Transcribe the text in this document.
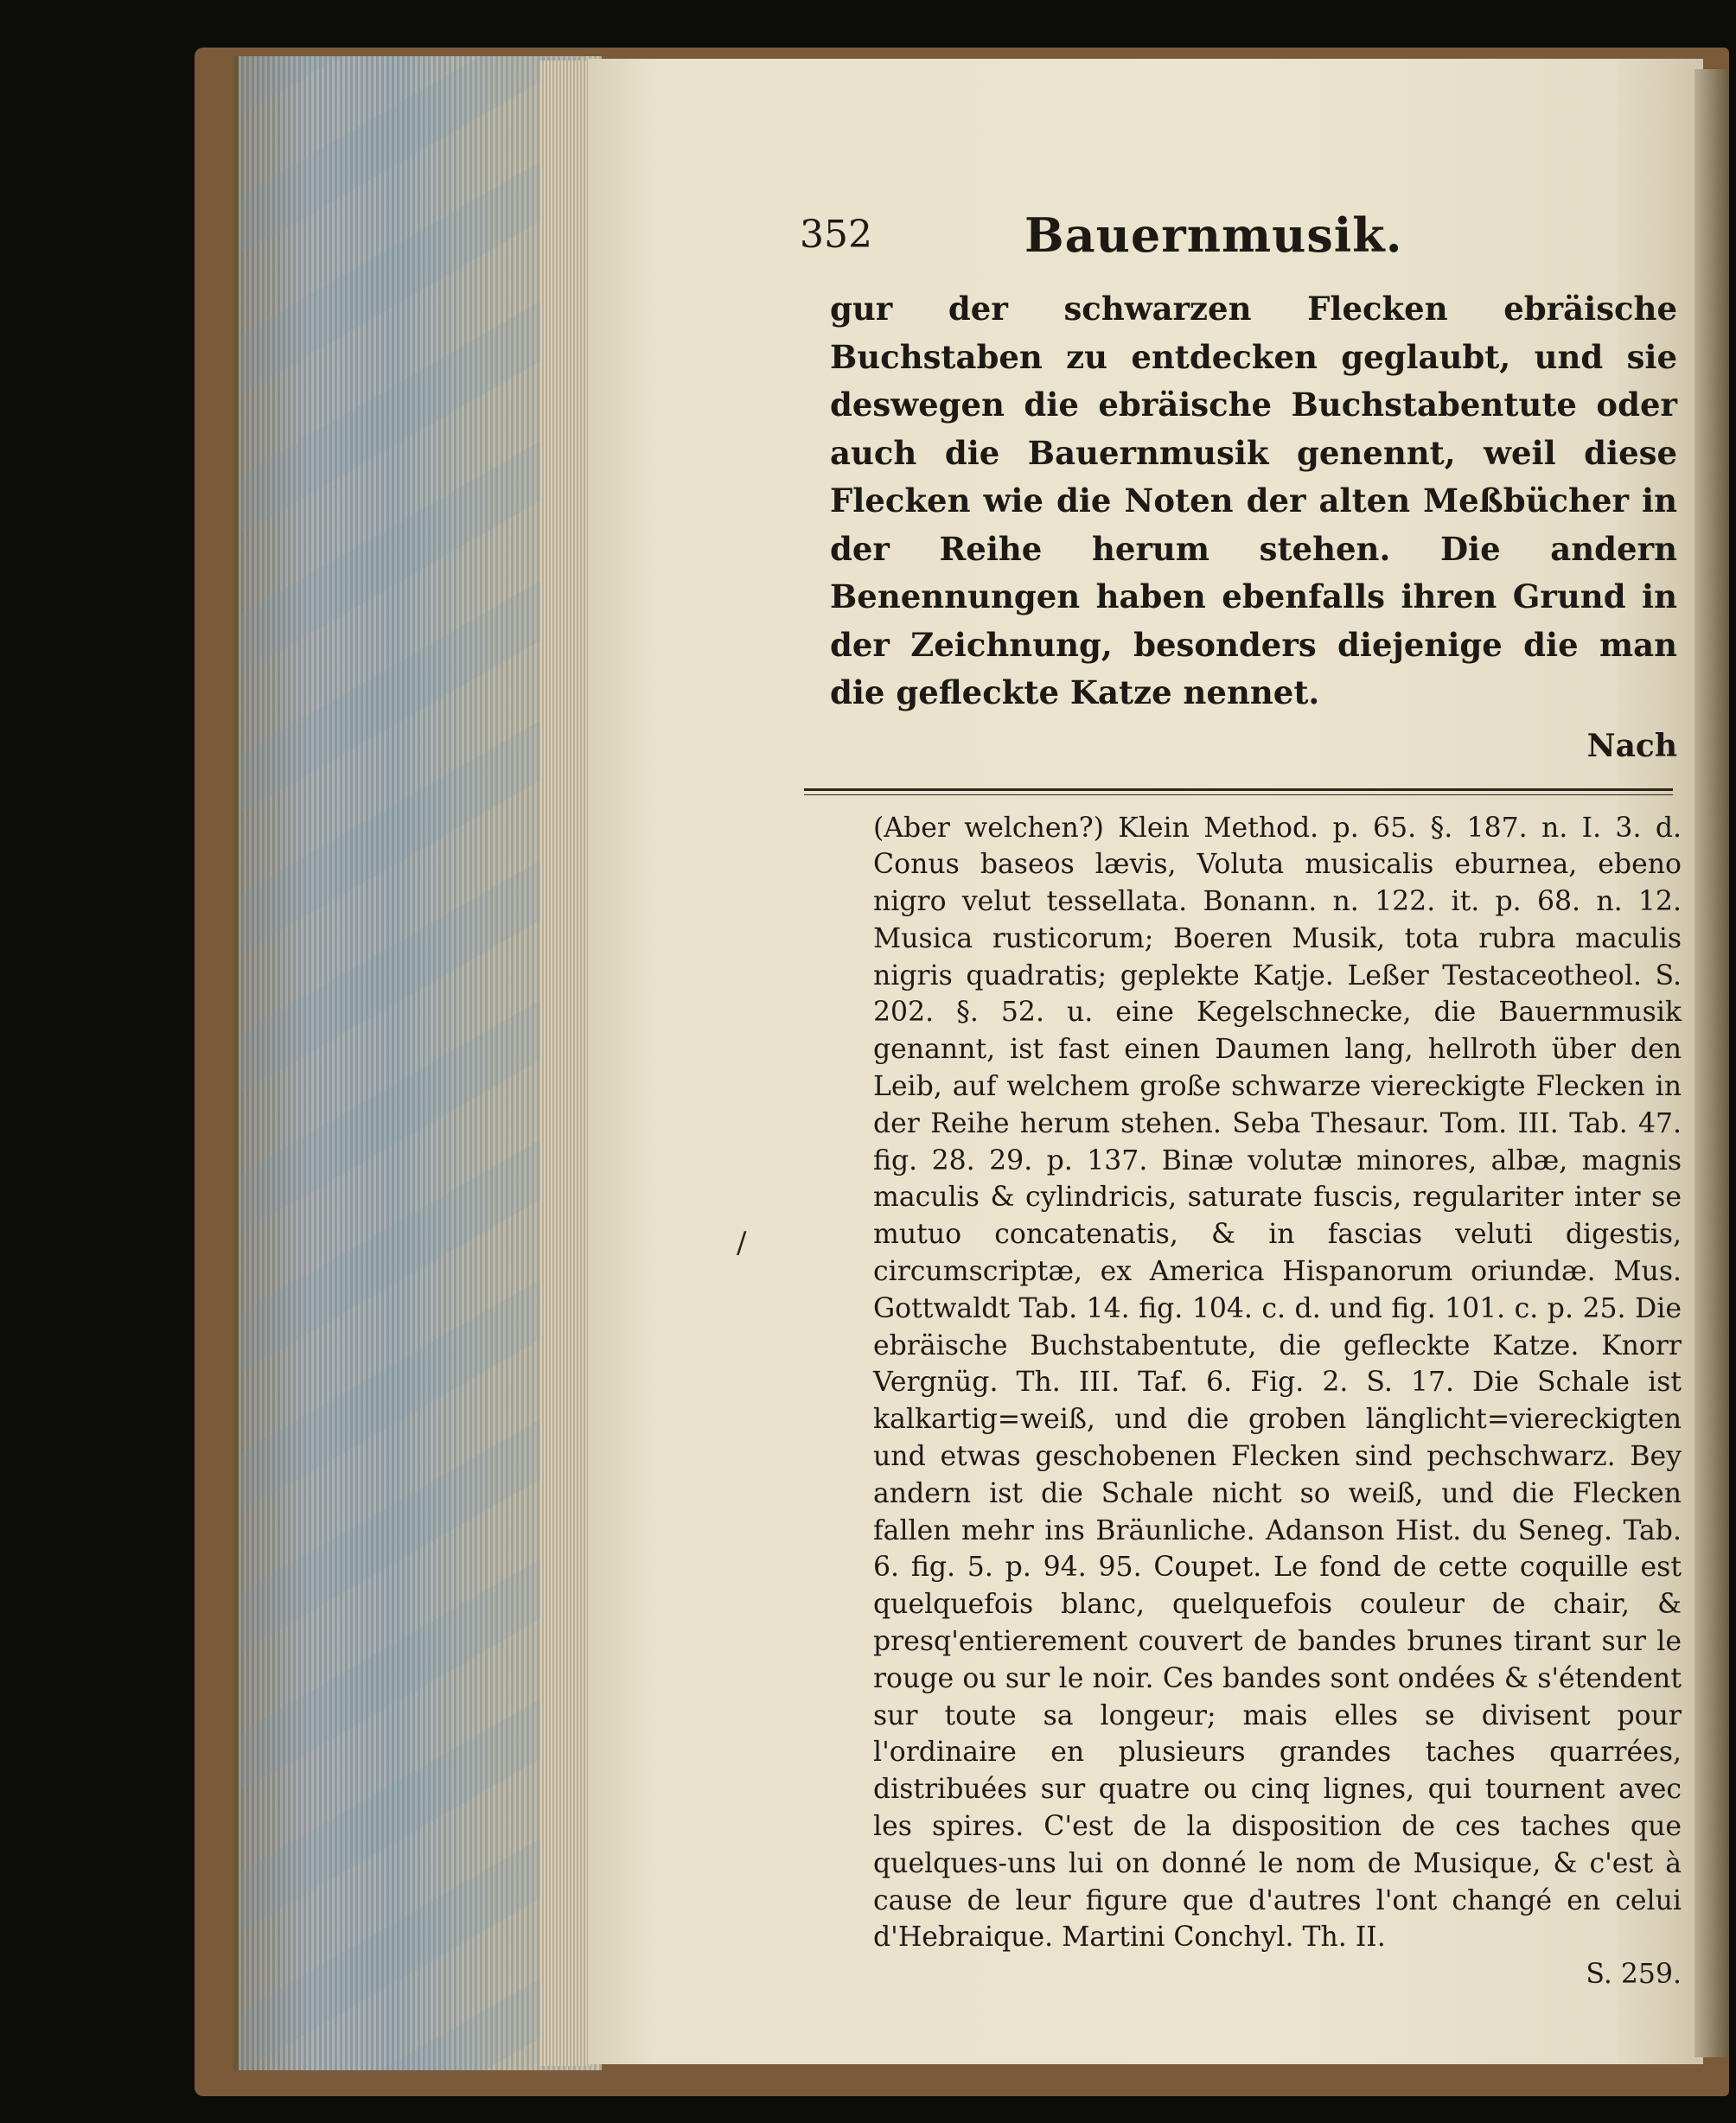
352	Bauernmusik.
gur der schwarzen Flecken ebräische Buchstaben zu entdecken geglaubt, und sie deswegen die ebräische Buchstabentute oder auch die Bauernmusik genennt, weil diese Flecken wie die Noten der alten Meßbücher in der Reihe herum stehen. Die andern Benennungen haben ebenfalls ihren Grund in der Zeichnung, besonders diejenige die man die gefleckte Katze nennet.
Nach
(Aber welchen?) Klein Method. p. 65. §. 187. n. I. 3. d. Conus baseos lævis, Voluta musicalis eburnea, ebeno nigro velut tessellata. Bonann. n. 122. it. p. 68. n. 12. Musica rusticorum; Boeren Musik, tota rubra maculis nigris quadratis; geplekte Katje. Leßer Testaceotheol. S. 202. §. 52. u. eine Kegelschnecke, die Bauernmusik genannt, ist fast einen Daumen lang, hellroth über den Leib, auf welchem große schwarze viereckigte Flecken in der Reihe herum stehen. Seba Thesaur. Tom. III. Tab. 47. fig. 28. 29. p. 137. Binæ volutæ minores, albæ, magnis maculis & cylindricis, saturate fuscis, regulariter inter se mutuo concatenatis, & in fascias veluti digestis, circumscriptæ, ex America Hispanorum oriundæ. Mus. Gottwaldt Tab. 14. fig. 104. c. d. und fig. 101. c. p. 25. Die ebräische Buchstabentute, die gefleckte Katze. Knorr Vergnüg. Th. III. Taf. 6. Fig. 2. S. 17. Die Schale ist kalkartig=weiß, und die groben länglicht=viereckigten und etwas geschobenen Flecken sind pechschwarz. Bey andern ist die Schale nicht so weiß, und die Flecken fallen mehr ins Bräunliche. Adanson Hist. du Seneg. Tab. 6. fig. 5. p. 94. 95. Coupet. Le fond de cette coquille est quelquefois blanc, quelquefois couleur de chair, & presq'entierement couvert de bandes brunes tirant sur le rouge ou sur le noir. Ces bandes sont ondées & s'étendent sur toute sa longeur; mais elles se divisent pour l'ordinaire en plusieurs grandes taches quarrées, distribuées sur quatre ou cinq lignes, qui tournent avec les spires. C'est de la disposition de ces taches que quelques-uns lui on donné le nom de Musique, & c'est à cause de leur figure que d'autres l'ont changé en celui d'Hebraique. Martini Conchyl. Th. II.
S. 259.
/
